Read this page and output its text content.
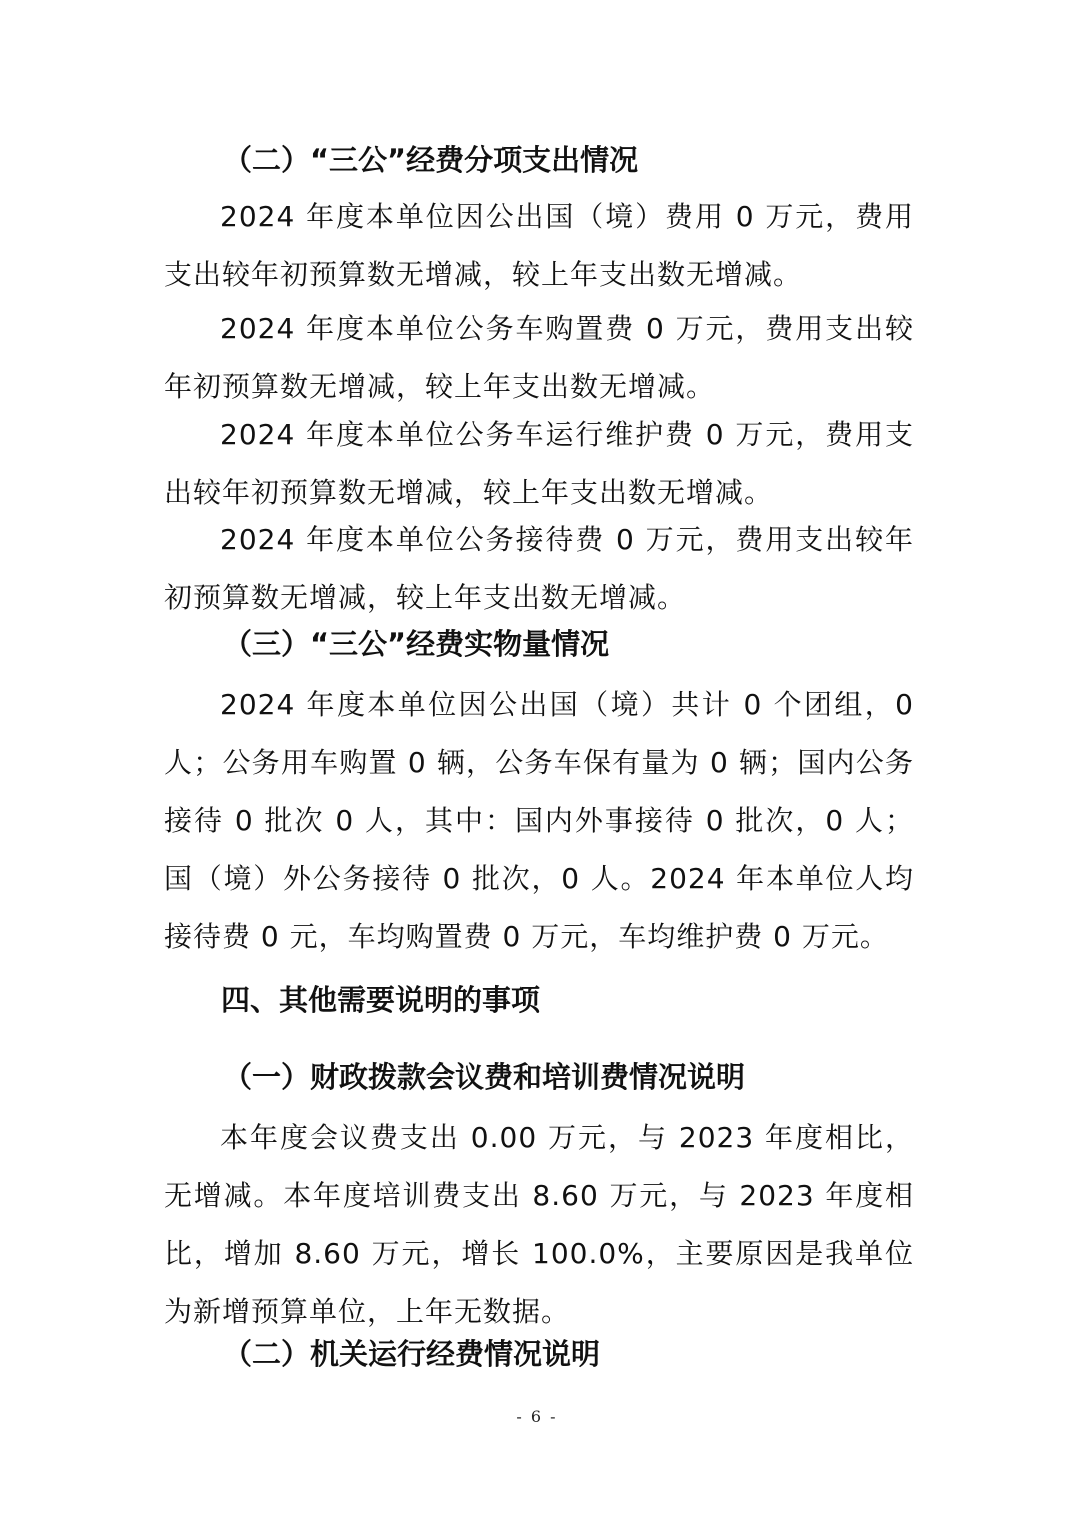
（二）“三公”经费分项支出情况

2024 年度本单位因公出国（境）费用 0 万元，费用支出较年初预算数无增减，较上年支出数无增减。

2024 年度本单位公务车购置费 0 万元，费用支出较年初预算数无增减，较上年支出数无增减。

2024 年度本单位公务车运行维护费 0 万元，费用支出较年初预算数无增减，较上年支出数无增减。

2024 年度本单位公务接待费 0 万元，费用支出较年初预算数无增减，较上年支出数无增减。

（三）“三公”经费实物量情况

2024 年度本单位因公出国（境）共计 0 个团组，0 人；公务用车购置 0 辆，公务车保有量为 0 辆；国内公务接待 0 批次 0 人，其中：国内外事接待 0 批次，0 人；国（境）外公务接待 0 批次，0 人。2024 年本单位人均接待费 0 元，车均购置费 0 万元，车均维护费 0 万元。

四、其他需要说明的事项
（一）财政拨款会议费和培训费情况说明

本年度会议费支出 0.00 万元，与 2023 年度相比，无增减。本年度培训费支出 8.60 万元，与 2023 年度相比，增加 8.60 万元，增长 100.0%，主要原因是我单位为新增预算单位，上年无数据。

（二）机关运行经费情况说明
- 6 -
